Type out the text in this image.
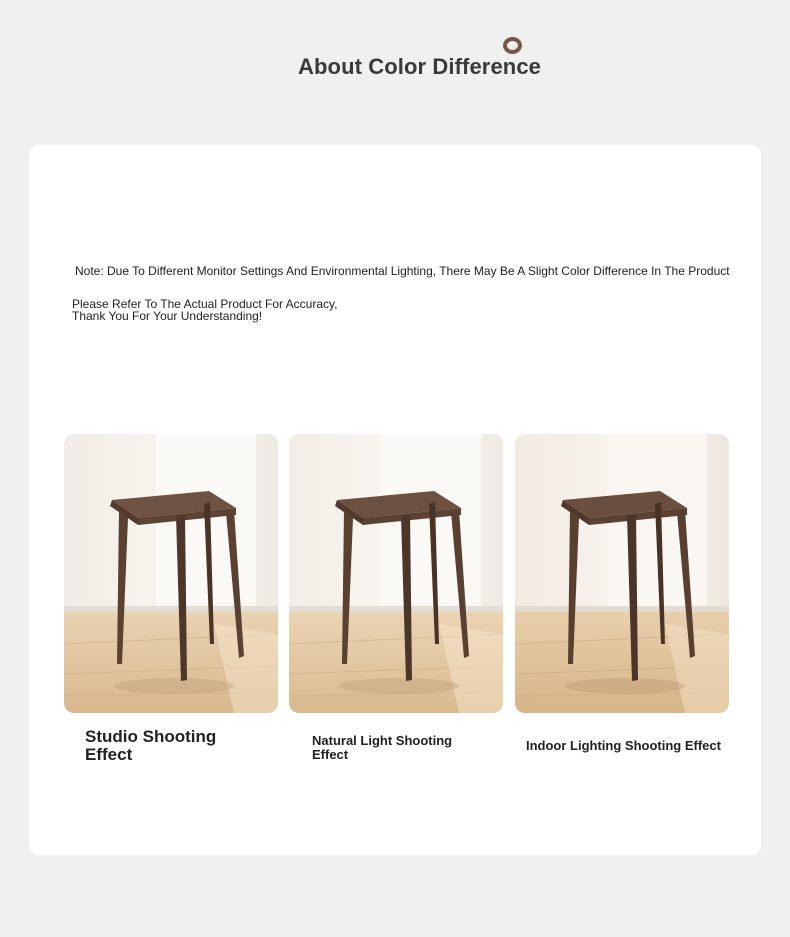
About Color Difference

Note: Due To Different Monitor Settings And Environmental Lighting, There May Be A Slight Color Difference In The Product

Please Refer To The Actual Product For Accuracy,
Thank You For Your Understanding!
Studio Shooting
Effect
Natural Light Shooting
Effect
Indoor Lighting Shooting Effect
